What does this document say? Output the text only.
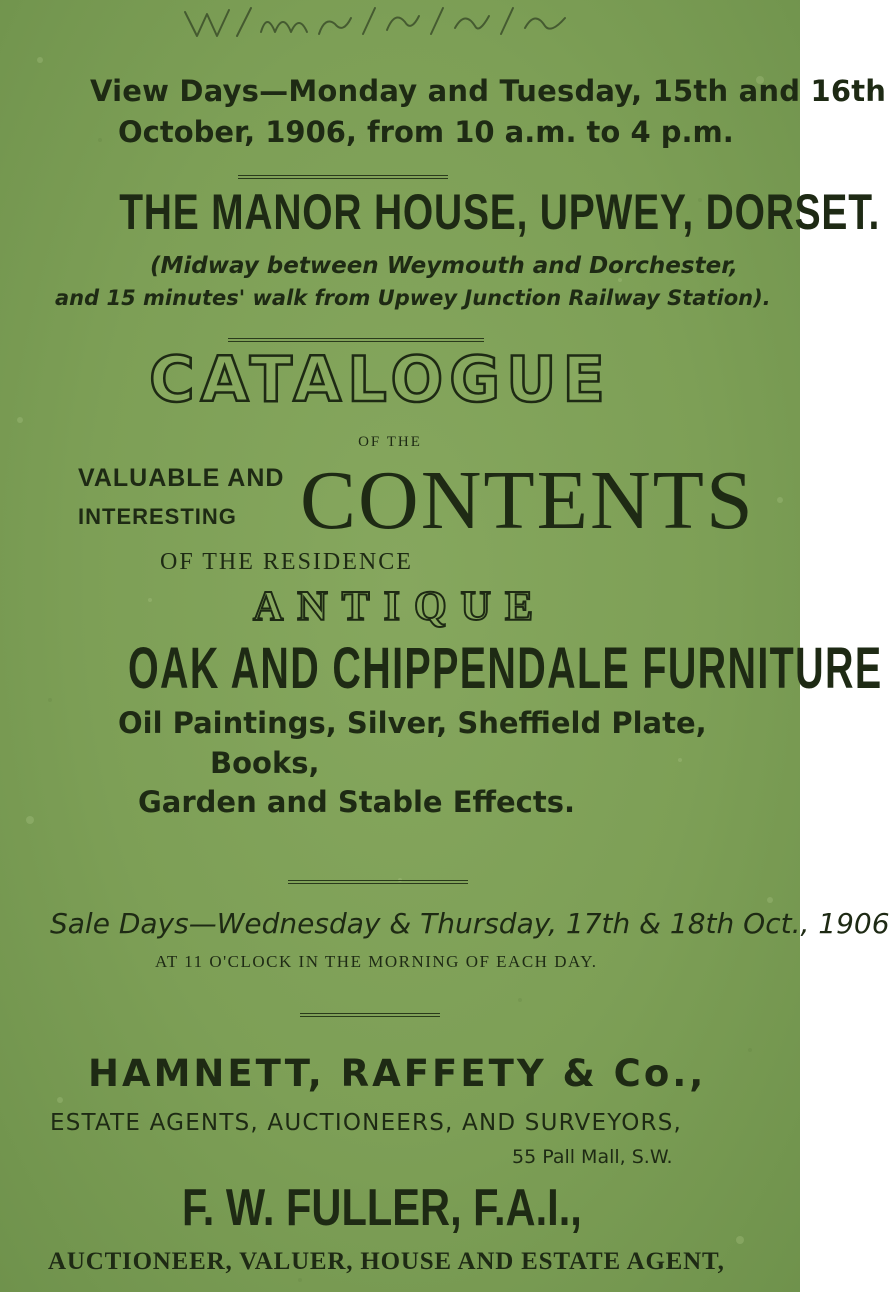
View Days—Monday and Tuesday, 15th and 16th

October, 1906, from 10 a.m. to 4 p.m.

THE MANOR HOUSE, UPWEY, DORSET.

(Midway between Weymouth and Dorchester,

and 15 minutes' walk from Upwey Junction Railway Station).

CATALOGUE

OF THE

VALUABLE AND

INTERESTING CONTENTS

OF THE RESIDENCE

ANTIQUE

OAK AND CHIPPENDALE FURNITURE

Oil Paintings, Silver, Sheffield Plate,

Books,

Garden and Stable Effects.

Sale Days—Wednesday & Thursday, 17th & 18th Oct., 1906

AT 11 O'CLOCK IN THE MORNING OF EACH DAY.

HAMNETT, RAFFETY & Co.,

ESTATE AGENTS, AUCTIONEERS, AND SURVEYORS,

55 Pall Mall, S.W.

F. W. FULLER, F.A.I.,

AUCTIONEER, VALUER, HOUSE AND ESTATE AGENT,
